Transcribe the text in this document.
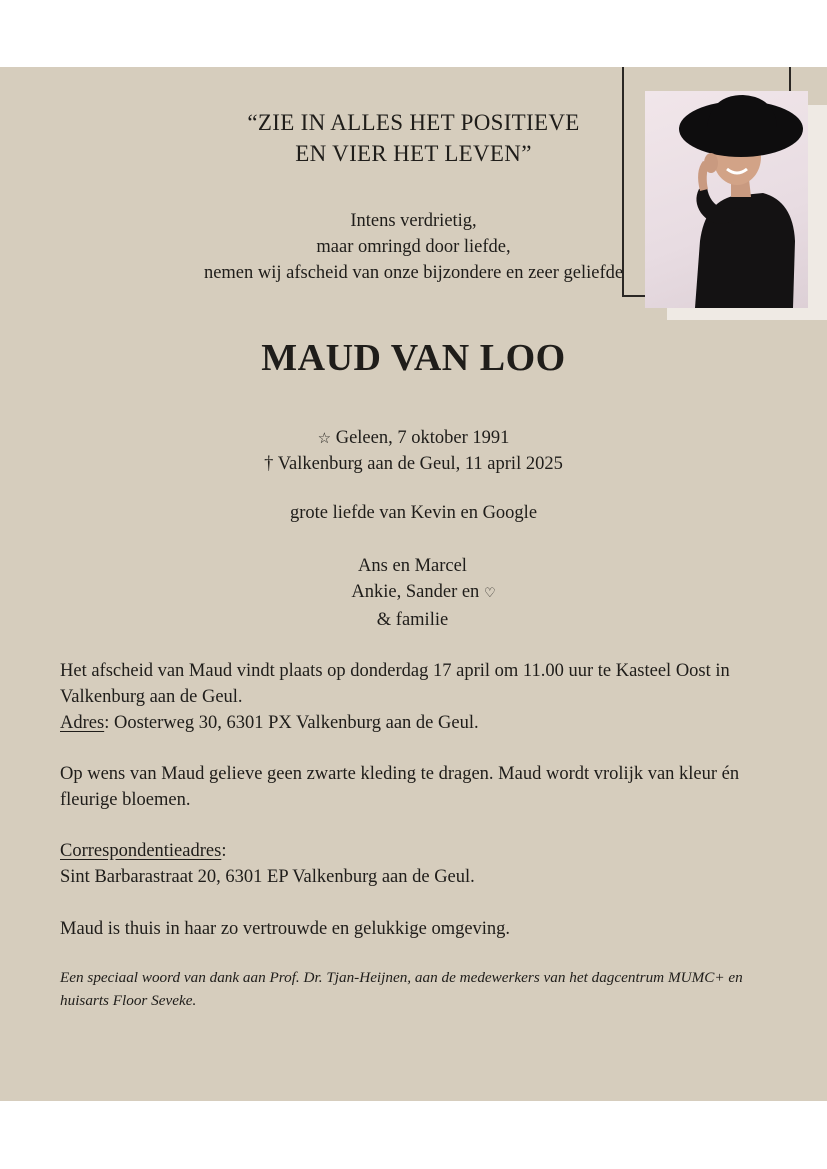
“ZIE IN ALLES HET POSITIEVE
EN VIER HET LEVEN”
Intens verdrietig,
maar omringd door liefde,
nemen wij afscheid van onze bijzondere en zeer geliefde
MAUD VAN LOO
☆ Geleen, 7 oktober 1991
† Valkenburg aan de Geul, 11 april 2025
grote liefde van Kevin en Google
Ans en Marcel
Ankie, Sander en ♡
& familie
Het afscheid van Maud vindt plaats op donderdag 17 april om 11.00 uur te Kasteel Oost in Valkenburg aan de Geul.
Adres: Oosterweg 30, 6301 PX Valkenburg aan de Geul.
Op wens van Maud gelieve geen zwarte kleding te dragen. Maud wordt vrolijk van kleur én fleurige bloemen.
Correspondentieadres:
Sint Barbarastraat 20, 6301 EP Valkenburg aan de Geul.
Maud is thuis in haar zo vertrouwde en gelukkige omgeving.
Een speciaal woord van dank aan Prof. Dr. Tjan-Heijnen, aan de medewerkers van het dagcentrum MUMC+ en huisarts Floor Seveke.
